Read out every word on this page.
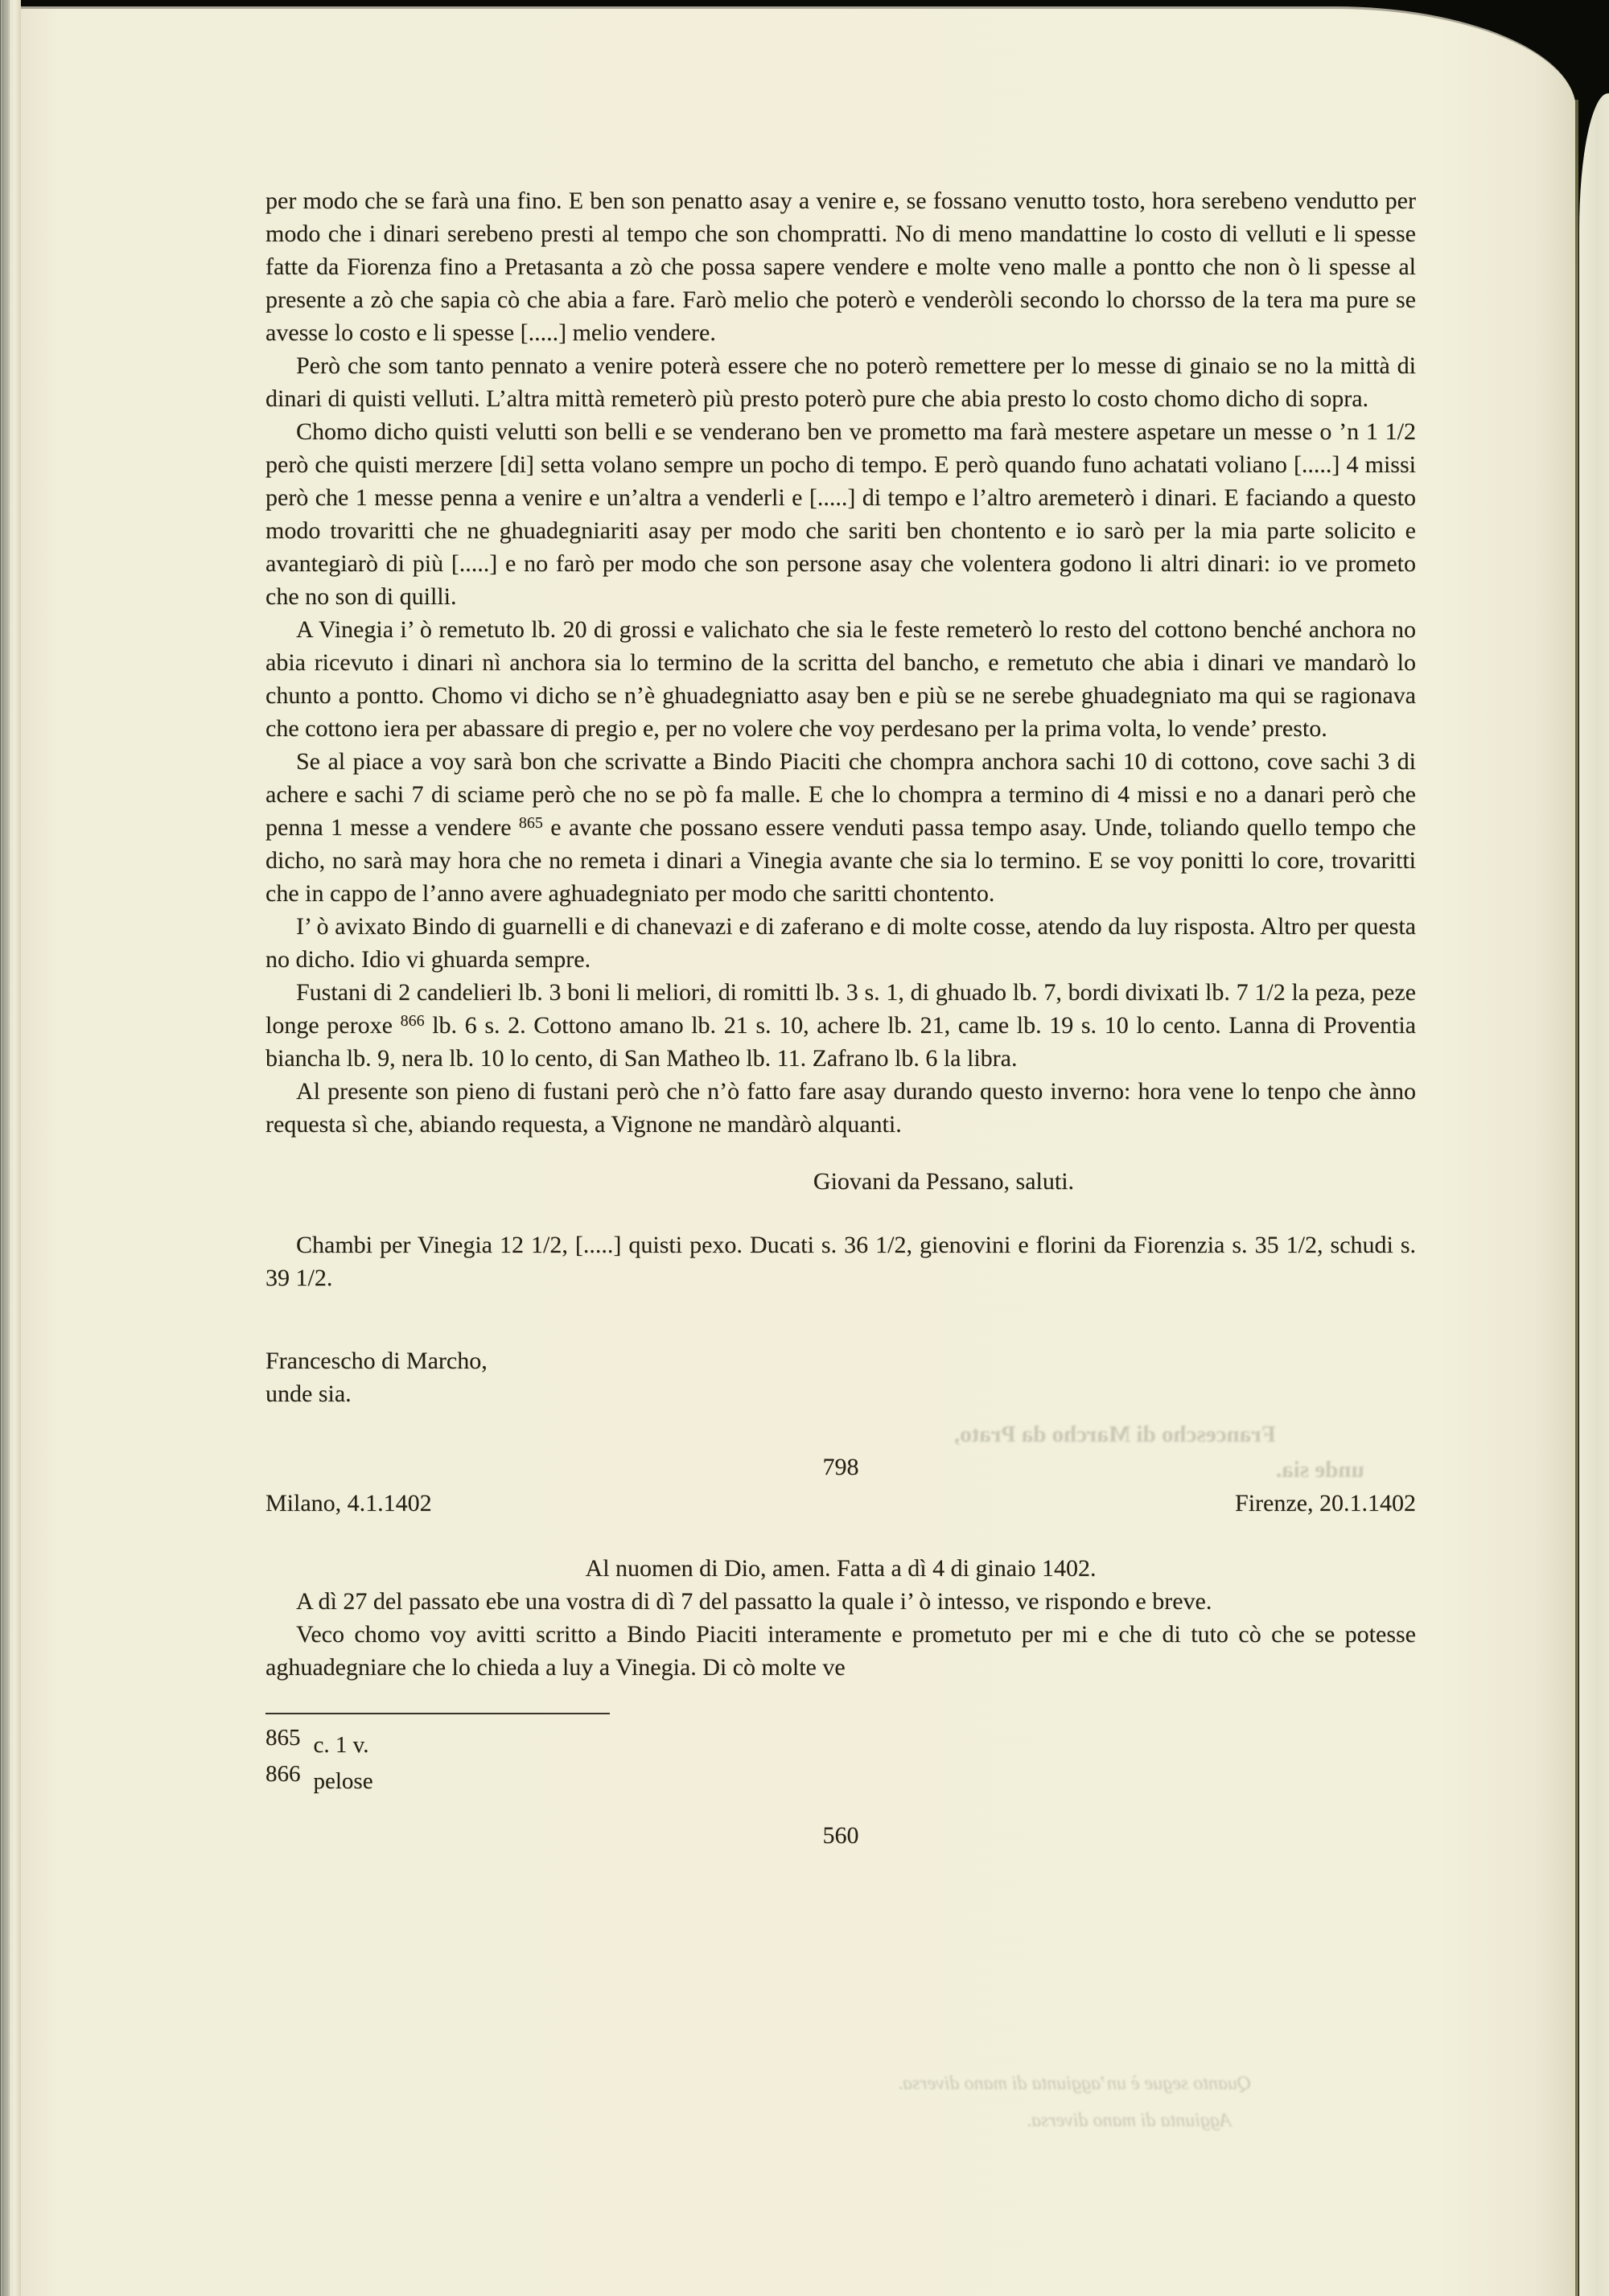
per modo che se farà una fino. E ben son penatto asay a venire e, se fossano venutto tosto, hora serebeno vendutto per modo che i dinari serebeno presti al tempo che son chompratti. No di meno mandattine lo costo di velluti e li spesse fatte da Fiorenza fino a Pretasanta a zò che possa sapere vendere e molte veno malle a pontto che non ò li spesse al presente a zò che sapia cò che abia a fare. Farò melio che poterò e venderòli secondo lo chorsso de la tera ma pure se avesse lo costo e li spesse [.....] melio vendere.

Però che som tanto pennato a venire poterà essere che no poterò remettere per lo messe di ginaio se no la mittà di dinari di quisti velluti. L’altra mittà remeterò più presto poterò pure che abia presto lo costo chomo dicho di sopra.

Chomo dicho quisti velutti son belli e se venderano ben ve prometto ma farà mestere aspetare un messe o ’n 1 1/2 però che quisti merzere [di] setta volano sempre un pocho di tempo. E però quando funo achatati voliano [.....] 4 missi però che 1 messe penna a venire e un’altra a venderli e [.....] di tempo e l’altro aremeterò i dinari. E faciando a questo modo trovaritti che ne ghuadegniariti asay per modo che sariti ben chontento e io sarò per la mia parte solicito e avantegiarò di più [.....] e no farò per modo che son persone asay che volentera godono li altri dinari: io ve prometo che no son di quilli.

A Vinegia i’ ò remetuto lb. 20 di grossi e valichato che sia le feste remeterò lo resto del cottono benché anchora no abia ricevuto i dinari nì anchora sia lo termino de la scritta del bancho, e remetuto che abia i dinari ve mandarò lo chunto a pontto. Chomo vi dicho se n’è ghuadegniatto asay ben e più se ne serebe ghuadegniato ma qui se ragionava che cottono iera per abassare di pregio e, per no volere che voy perdesano per la prima volta, lo vende’ presto.

Se al piace a voy sarà bon che scrivatte a Bindo Piaciti che chompra anchora sachi 10 di cottono, cove sachi 3 di achere e sachi 7 di sciame però che no se pò fa malle. E che lo chompra a termino di 4 missi e no a danari però che penna 1 messe a vendere $^{865}$ e avante che possano essere venduti passa tempo asay. Unde, toliando quello tempo che dicho, no sarà may hora che no remeta i dinari a Vinegia avante che sia lo termino. E se voy ponitti lo core, trovaritti che in cappo de l’anno avere aghuadegniato per modo che saritti chontento.

I’ ò avixato Bindo di guarnelli e di chanevazi e di zaferano e di molte cosse, atendo da luy risposta. Altro per questa no dicho. Idio vi ghuarda sempre.

Fustani di 2 candelieri lb. 3 boni li meliori, di romitti lb. 3 s. 1, di ghuado lb. 7, bordi divixati lb. 7 1/2 la peza, peze longe peroxe $^{866}$ lb. 6 s. 2. Cottono amano lb. 21 s. 10, achere lb. 21, came lb. 19 s. 10 lo cento. Lanna di Proventia biancha lb. 9, nera lb. 10 lo cento, di San Matheo lb. 11. Zafrano lb. 6 la libra.

Al presente son pieno di fustani però che n’ò fatto fare asay durando questo inverno: hora vene lo tenpo che ànno requesta sì che, abiando requesta, a Vignone ne mandàrò alquanti.

Giovani da Pessano, saluti.

Chambi per Vinegia 12 1/2, [.....] quisti pexo. Ducati s. 36 1/2, gienovini e florini da Fiorenzia s. 35 1/2, schudi s. 39 1/2.

Francescho di Marcho,

unde sia.

798

Milano, 4.1.1402	Firenze, 20.1.1402

Al nuomen di Dio, amen. Fatta a dì 4 di ginaio 1402.

A dì 27 del passato ebe una vostra di dì 7 del passatto la quale i’ ò intesso, ve rispondo e breve.

Veco chomo voy avitti scritto a Bindo Piaciti interamente e prometuto per mi e che di tuto cò che se potesse aghuadegniare che lo chieda a luy a Vinegia. Di cò molte ve

865 c. 1 v.

866 pelose

560

Francescho di Marcho da Prato,
unde sia.
Quanto segue è un’aggiunta di mano diversa.
Aggiunta di mano diversa.
